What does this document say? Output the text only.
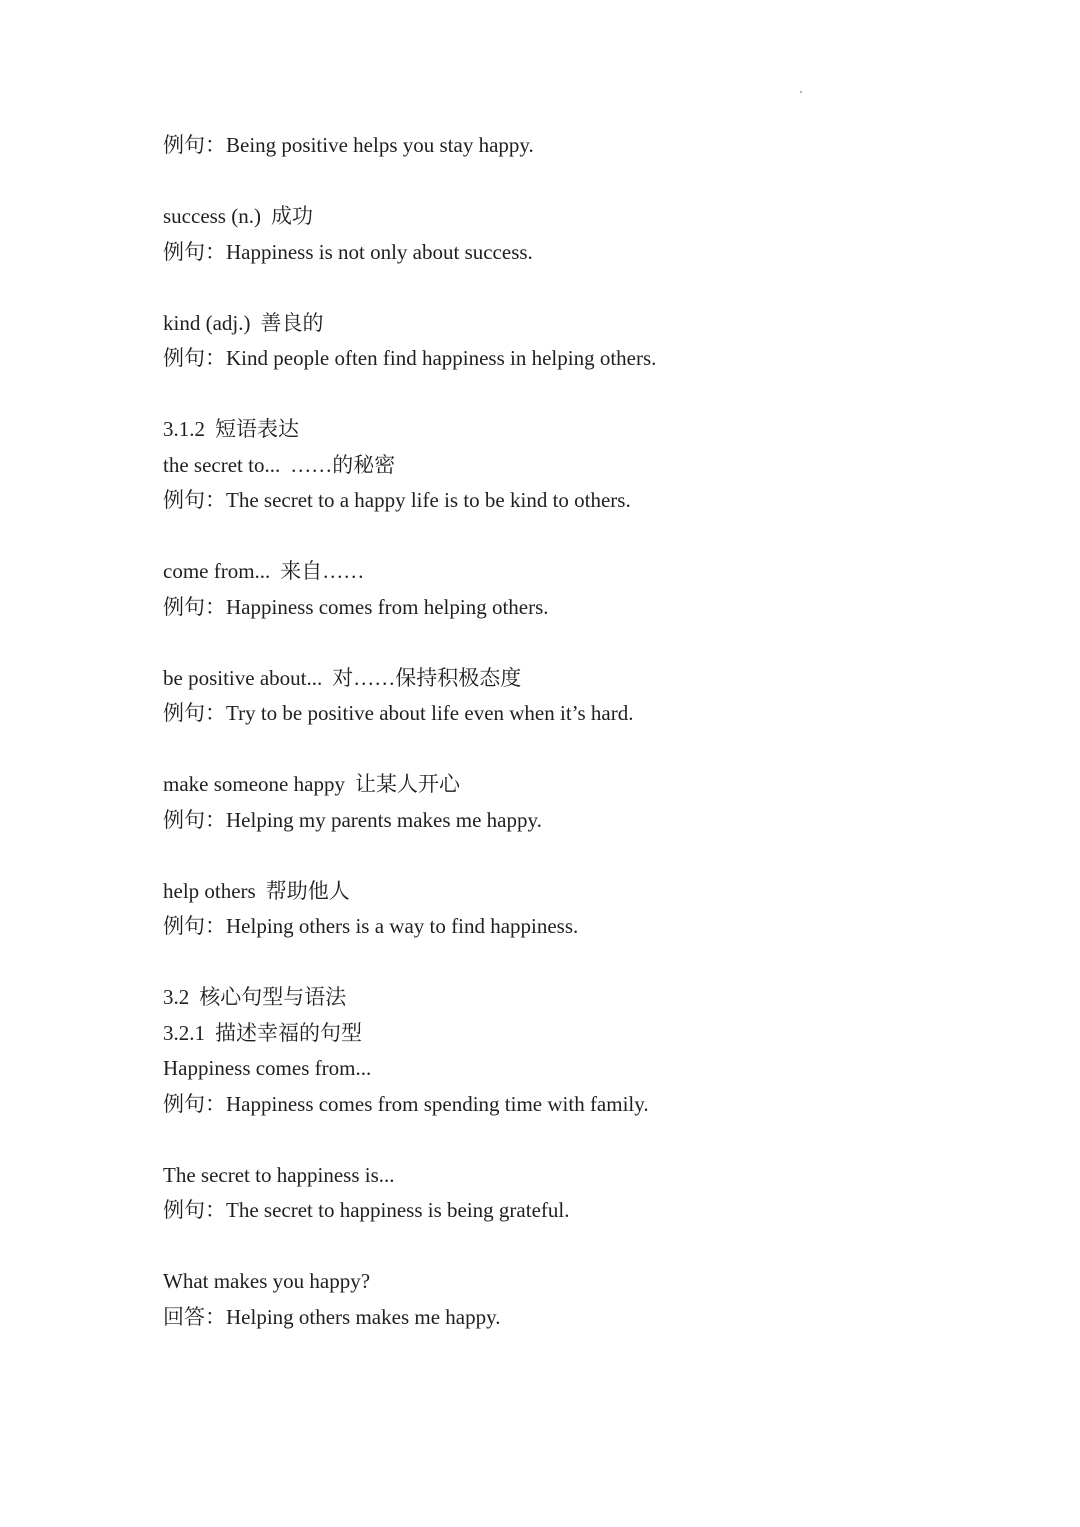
例句：Being positive helps you stay happy.
success (n.) 成功
例句：Happiness is not only about success.
kind (adj.) 善良的
例句：Kind people often find happiness in helping others.
3.1.2 短语表达
the secret to... ……的秘密
例句：The secret to a happy life is to be kind to others.
come from... 来自……
例句：Happiness comes from helping others.
be positive about... 对……保持积极态度
例句：Try to be positive about life even when it’s hard.
make someone happy 让某人开心
例句：Helping my parents makes me happy.
help others 帮助他人
例句：Helping others is a way to find happiness.
3.2 核心句型与语法
3.2.1 描述幸福的句型
Happiness comes from...
例句：Happiness comes from spending time with family.
The secret to happiness is...
例句：The secret to happiness is being grateful.
What makes you happy?
回答：Helping others makes me happy.
